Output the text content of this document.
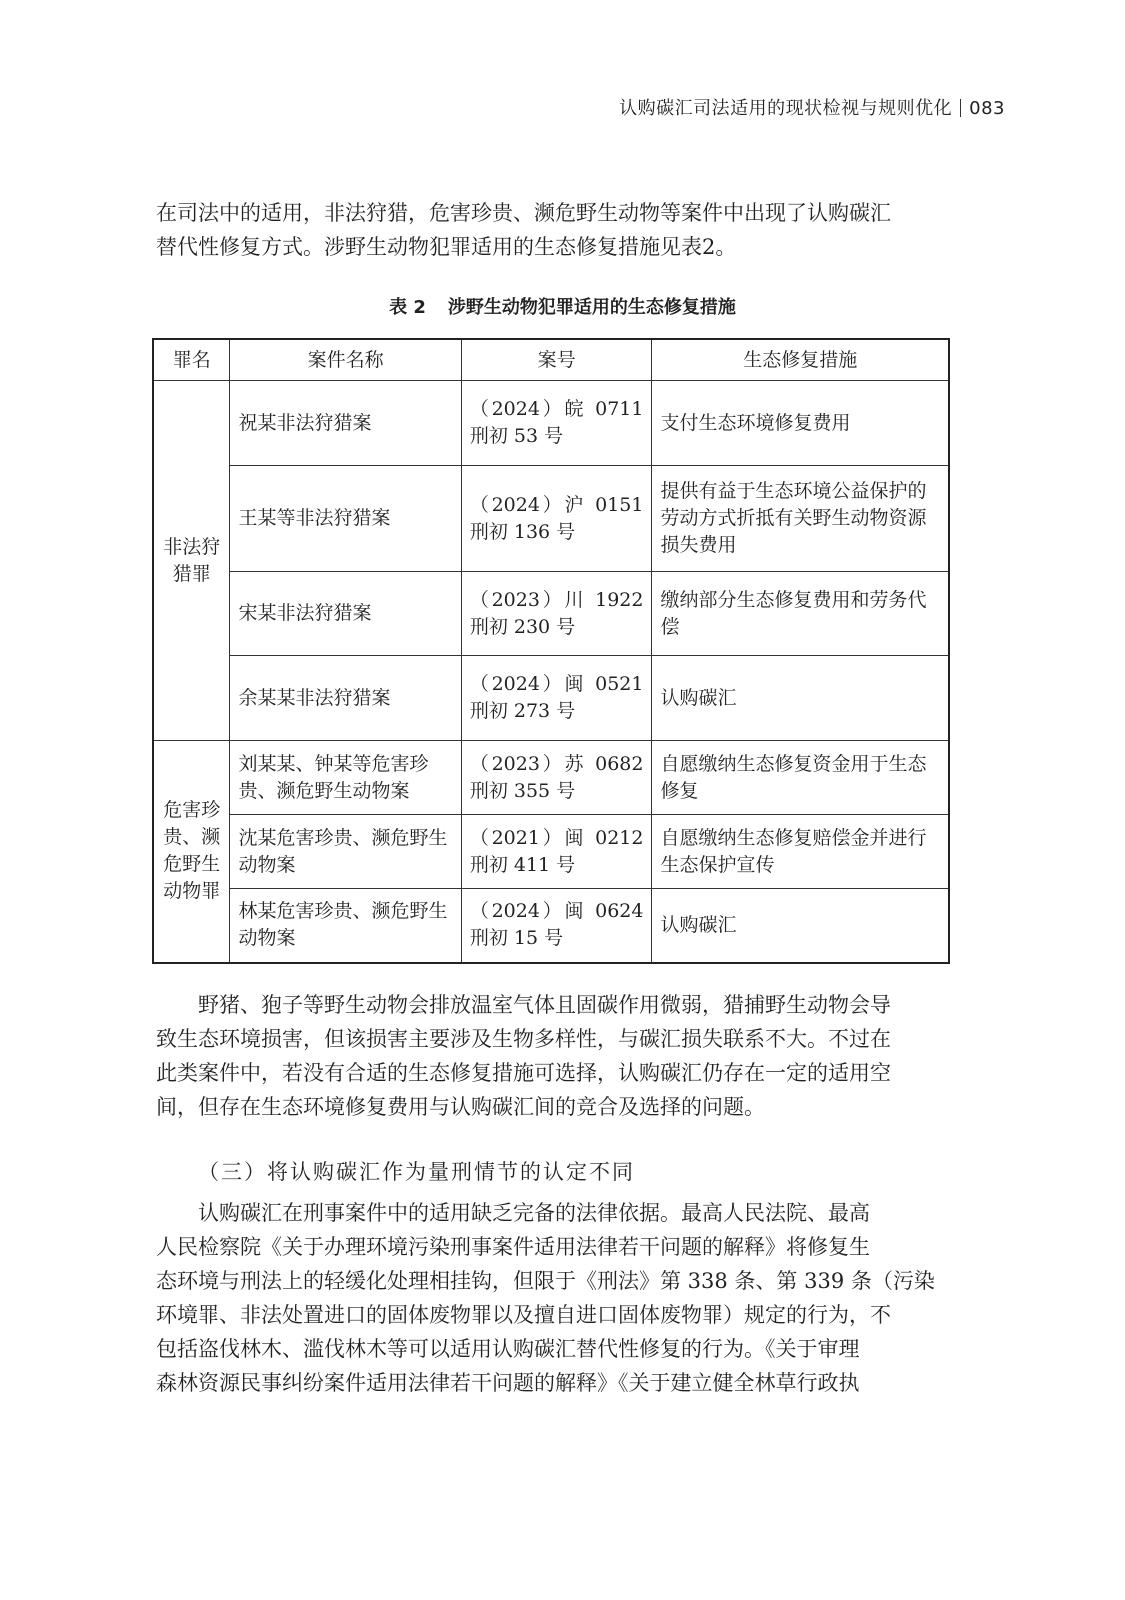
认购碳汇司法适用的现状检视与规则优化 083
在司法中的适用，非法狩猎，危害珍贵、濒危野生动物等案件中出现了认购碳汇
替代性修复方式。涉野生动物犯罪适用的生态修复措施见表2。
表 2 涉野生动物犯罪适用的生态修复措施
罪名	案件名称	案号	生态修复措施

非法狩猎罪	祝某非法狩猎案	（2024）皖 0711 刑初 53 号	支付生态环境修复费用
	王某等非法狩猎案	（2024）沪 0151 刑初 136 号	提供有益于生态环境公益保护的劳动方式折抵有关野生动物资源损失费用
	宋某非法狩猎案	（2023）川 1922 刑初 230 号	缴纳部分生态修复费用和劳务代偿
	余某某非法狩猎案	（2024）闽 0521 刑初 273 号	认购碳汇

危害珍贵、濒危野生动物罪	刘某某、钟某等危害珍贵、濒危野生动物案	（2023）苏 0682 刑初 355 号	自愿缴纳生态修复资金用于生态修复
	沈某危害珍贵、濒危野生动物案	（2021）闽 0212 刑初 411 号	自愿缴纳生态修复赔偿金并进行生态保护宣传
	林某危害珍贵、濒危野生动物案	（2024）闽 0624 刑初 15 号	认购碳汇
野猪、狍子等野生动物会排放温室气体且固碳作用微弱，猎捕野生动物会导
致生态环境损害，但该损害主要涉及生物多样性，与碳汇损失联系不大。不过在
此类案件中，若没有合适的生态修复措施可选择，认购碳汇仍存在一定的适用空
间，但存在生态环境修复费用与认购碳汇间的竞合及选择的问题。
（三）将认购碳汇作为量刑情节的认定不同
认购碳汇在刑事案件中的适用缺乏完备的法律依据。最高人民法院、最高
人民检察院《关于办理环境污染刑事案件适用法律若干问题的解释》将修复生
态环境与刑法上的轻缓化处理相挂钩，但限于《刑法》第 338 条、第 339 条（污染
环境罪、非法处置进口的固体废物罪以及擅自进口固体废物罪）规定的行为，不
包括盗伐林木、滥伐林木等可以适用认购碳汇替代性修复的行为。《关于审理
森林资源民事纠纷案件适用法律若干问题的解释》《关于建立健全林草行政执
